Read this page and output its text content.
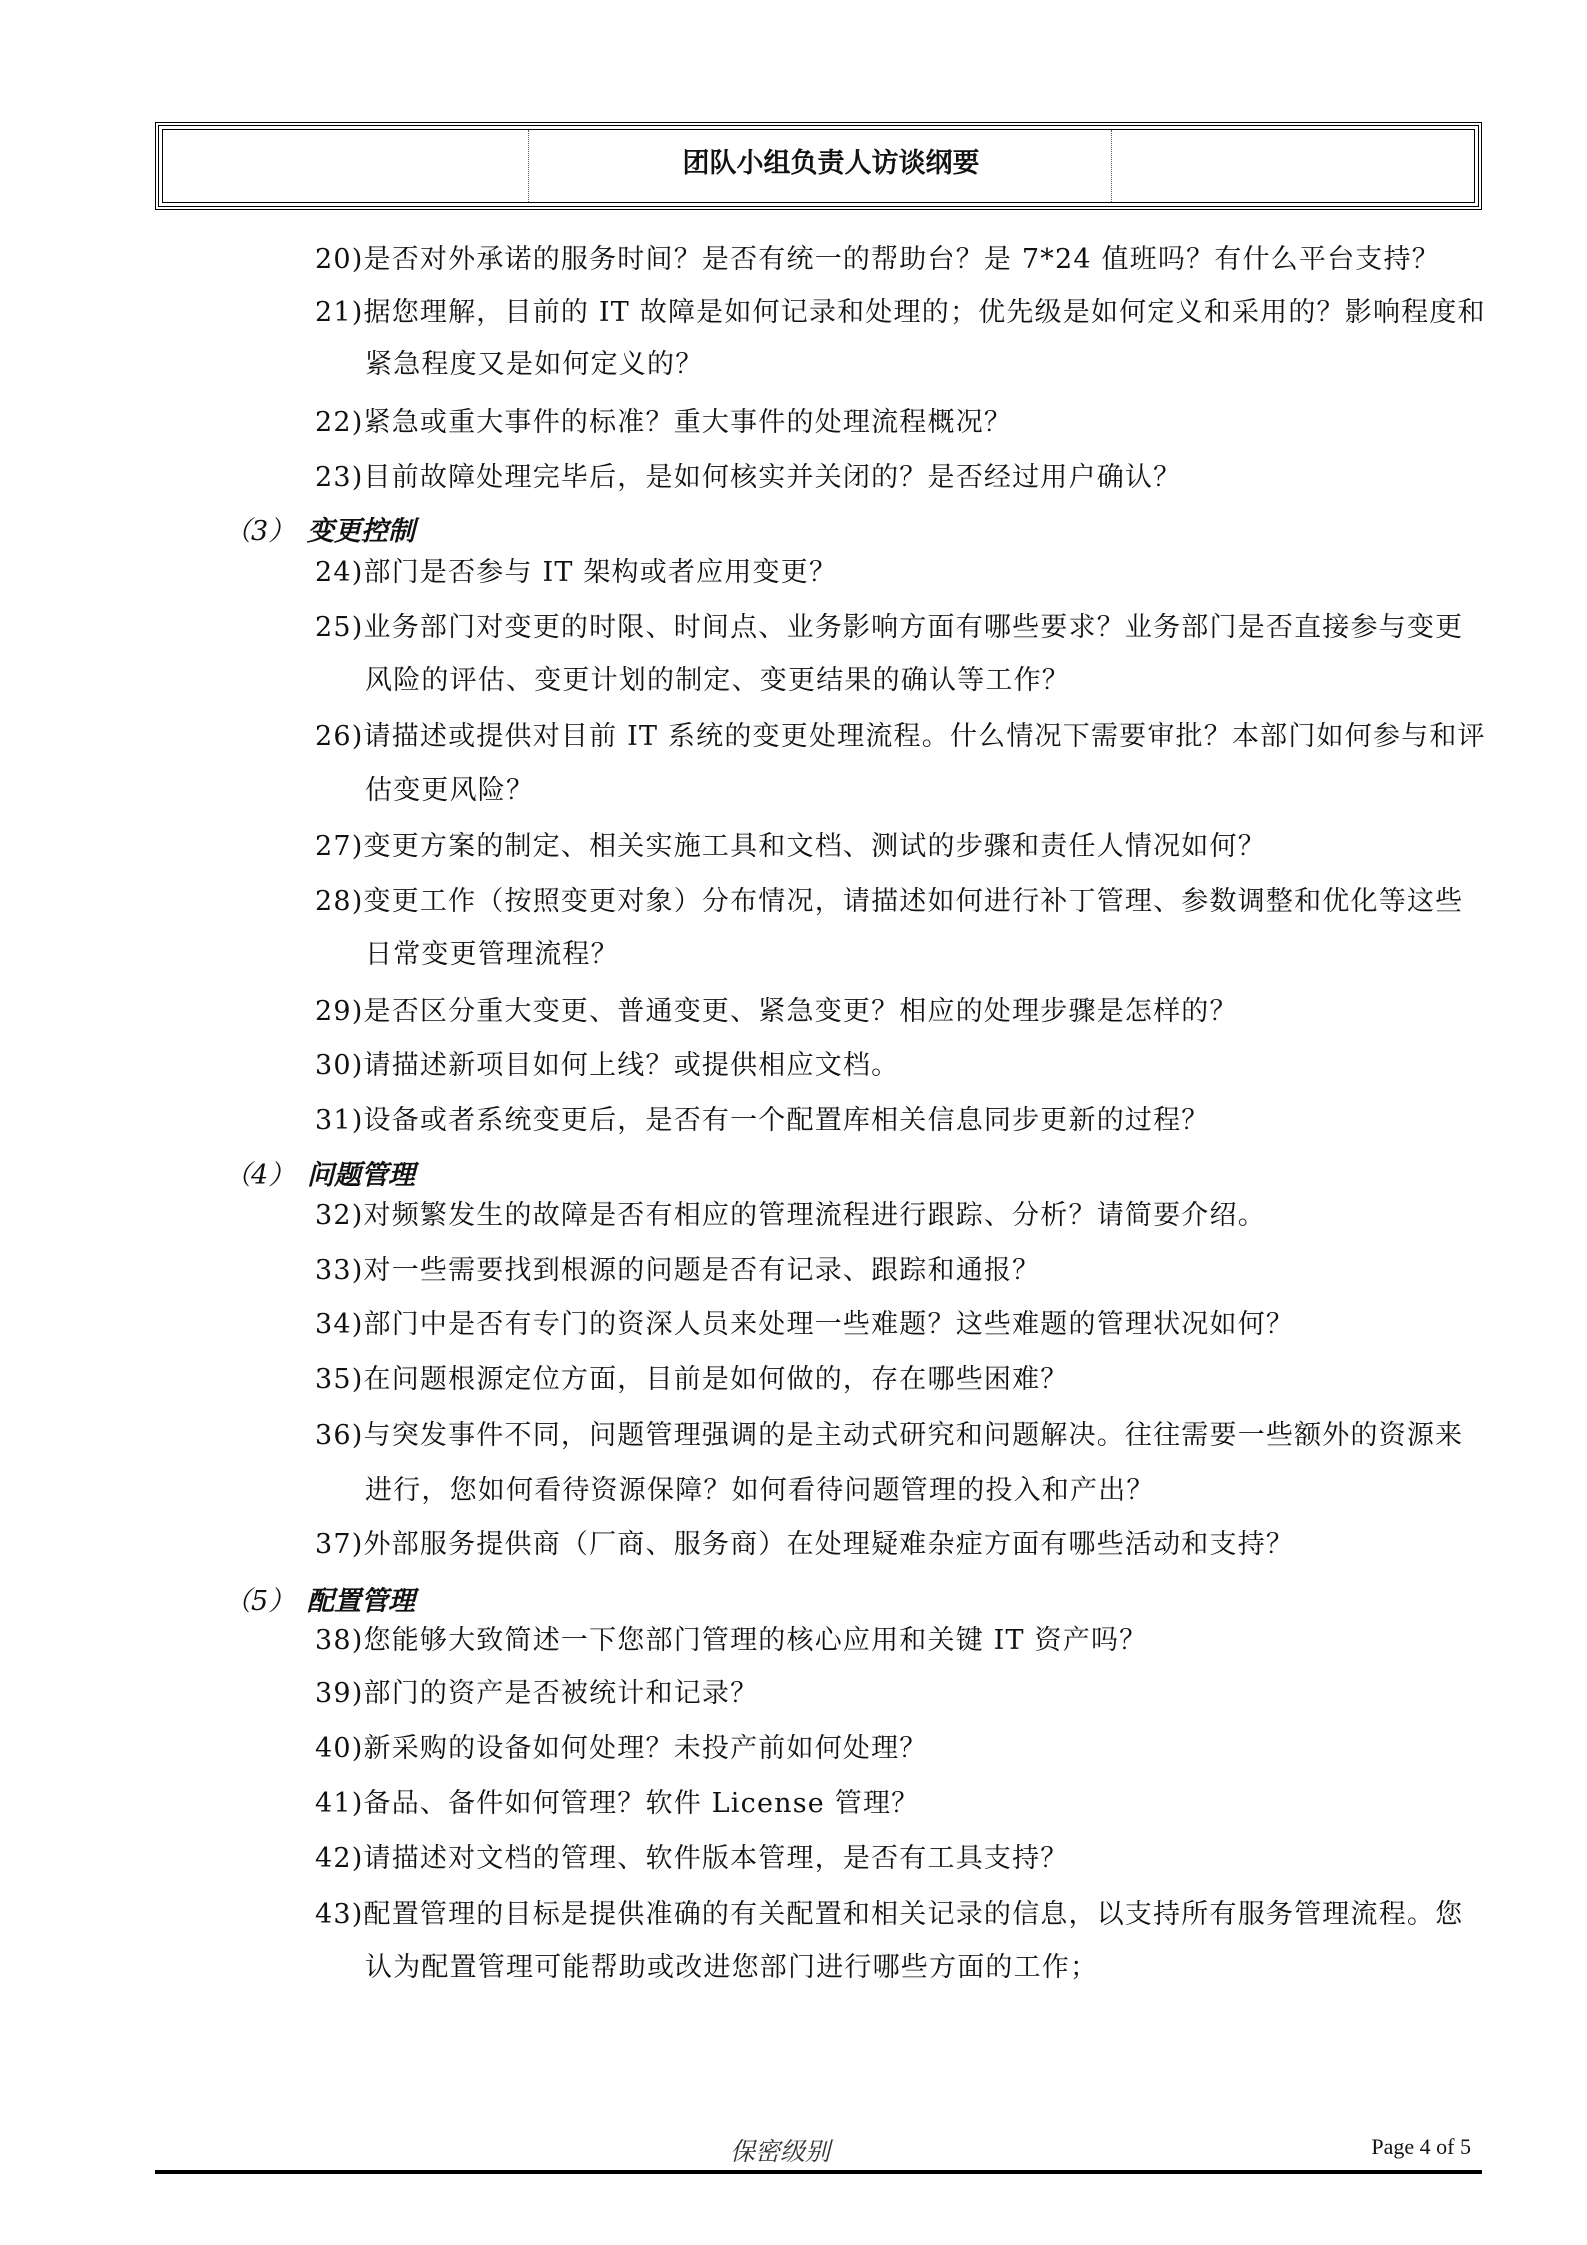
团队小组负责人访谈纲要
20)是否对外承诺的服务时间？是否有统一的帮助台？是 7*24 值班吗？有什么平台支持？
21)据您理解，目前的 IT 故障是如何记录和处理的；优先级是如何定义和采用的？影响程度和
紧急程度又是如何定义的？
22)紧急或重大事件的标准？重大事件的处理流程概况？
23)目前故障处理完毕后，是如何核实并关闭的？是否经过用户确认？
24)部门是否参与 IT 架构或者应用变更？
25)业务部门对变更的时限、时间点、业务影响方面有哪些要求？业务部门是否直接参与变更
风险的评估、变更计划的制定、变更结果的确认等工作？
26)请描述或提供对目前 IT 系统的变更处理流程。什么情况下需要审批？本部门如何参与和评
估变更风险？
27)变更方案的制定、相关实施工具和文档、测试的步骤和责任人情况如何？
28)变更工作（按照变更对象）分布情况，请描述如何进行补丁管理、参数调整和优化等这些
日常变更管理流程？
29)是否区分重大变更、普通变更、紧急变更？相应的处理步骤是怎样的？
30)请描述新项目如何上线？或提供相应文档。
31)设备或者系统变更后，是否有一个配置库相关信息同步更新的过程？
32)对频繁发生的故障是否有相应的管理流程进行跟踪、分析？请简要介绍。
33)对一些需要找到根源的问题是否有记录、跟踪和通报？
34)部门中是否有专门的资深人员来处理一些难题？这些难题的管理状况如何？
35)在问题根源定位方面，目前是如何做的，存在哪些困难？
36)与突发事件不同，问题管理强调的是主动式研究和问题解决。往往需要一些额外的资源来
进行，您如何看待资源保障？如何看待问题管理的投入和产出？
37)外部服务提供商（厂商、服务商）在处理疑难杂症方面有哪些活动和支持？
38)您能够大致简述一下您部门管理的核心应用和关键 IT 资产吗？
39)部门的资产是否被统计和记录？
40)新采购的设备如何处理？未投产前如何处理？
41)备品、备件如何管理？软件 License 管理？
42)请描述对文档的管理、软件版本管理，是否有工具支持？
43)配置管理的目标是提供准确的有关配置和相关记录的信息，以支持所有服务管理流程。您
认为配置管理可能帮助或改进您部门进行哪些方面的工作；
（3） 变更控制
（4） 问题管理
（5） 配置管理
保密级别	Page 4 of 5
